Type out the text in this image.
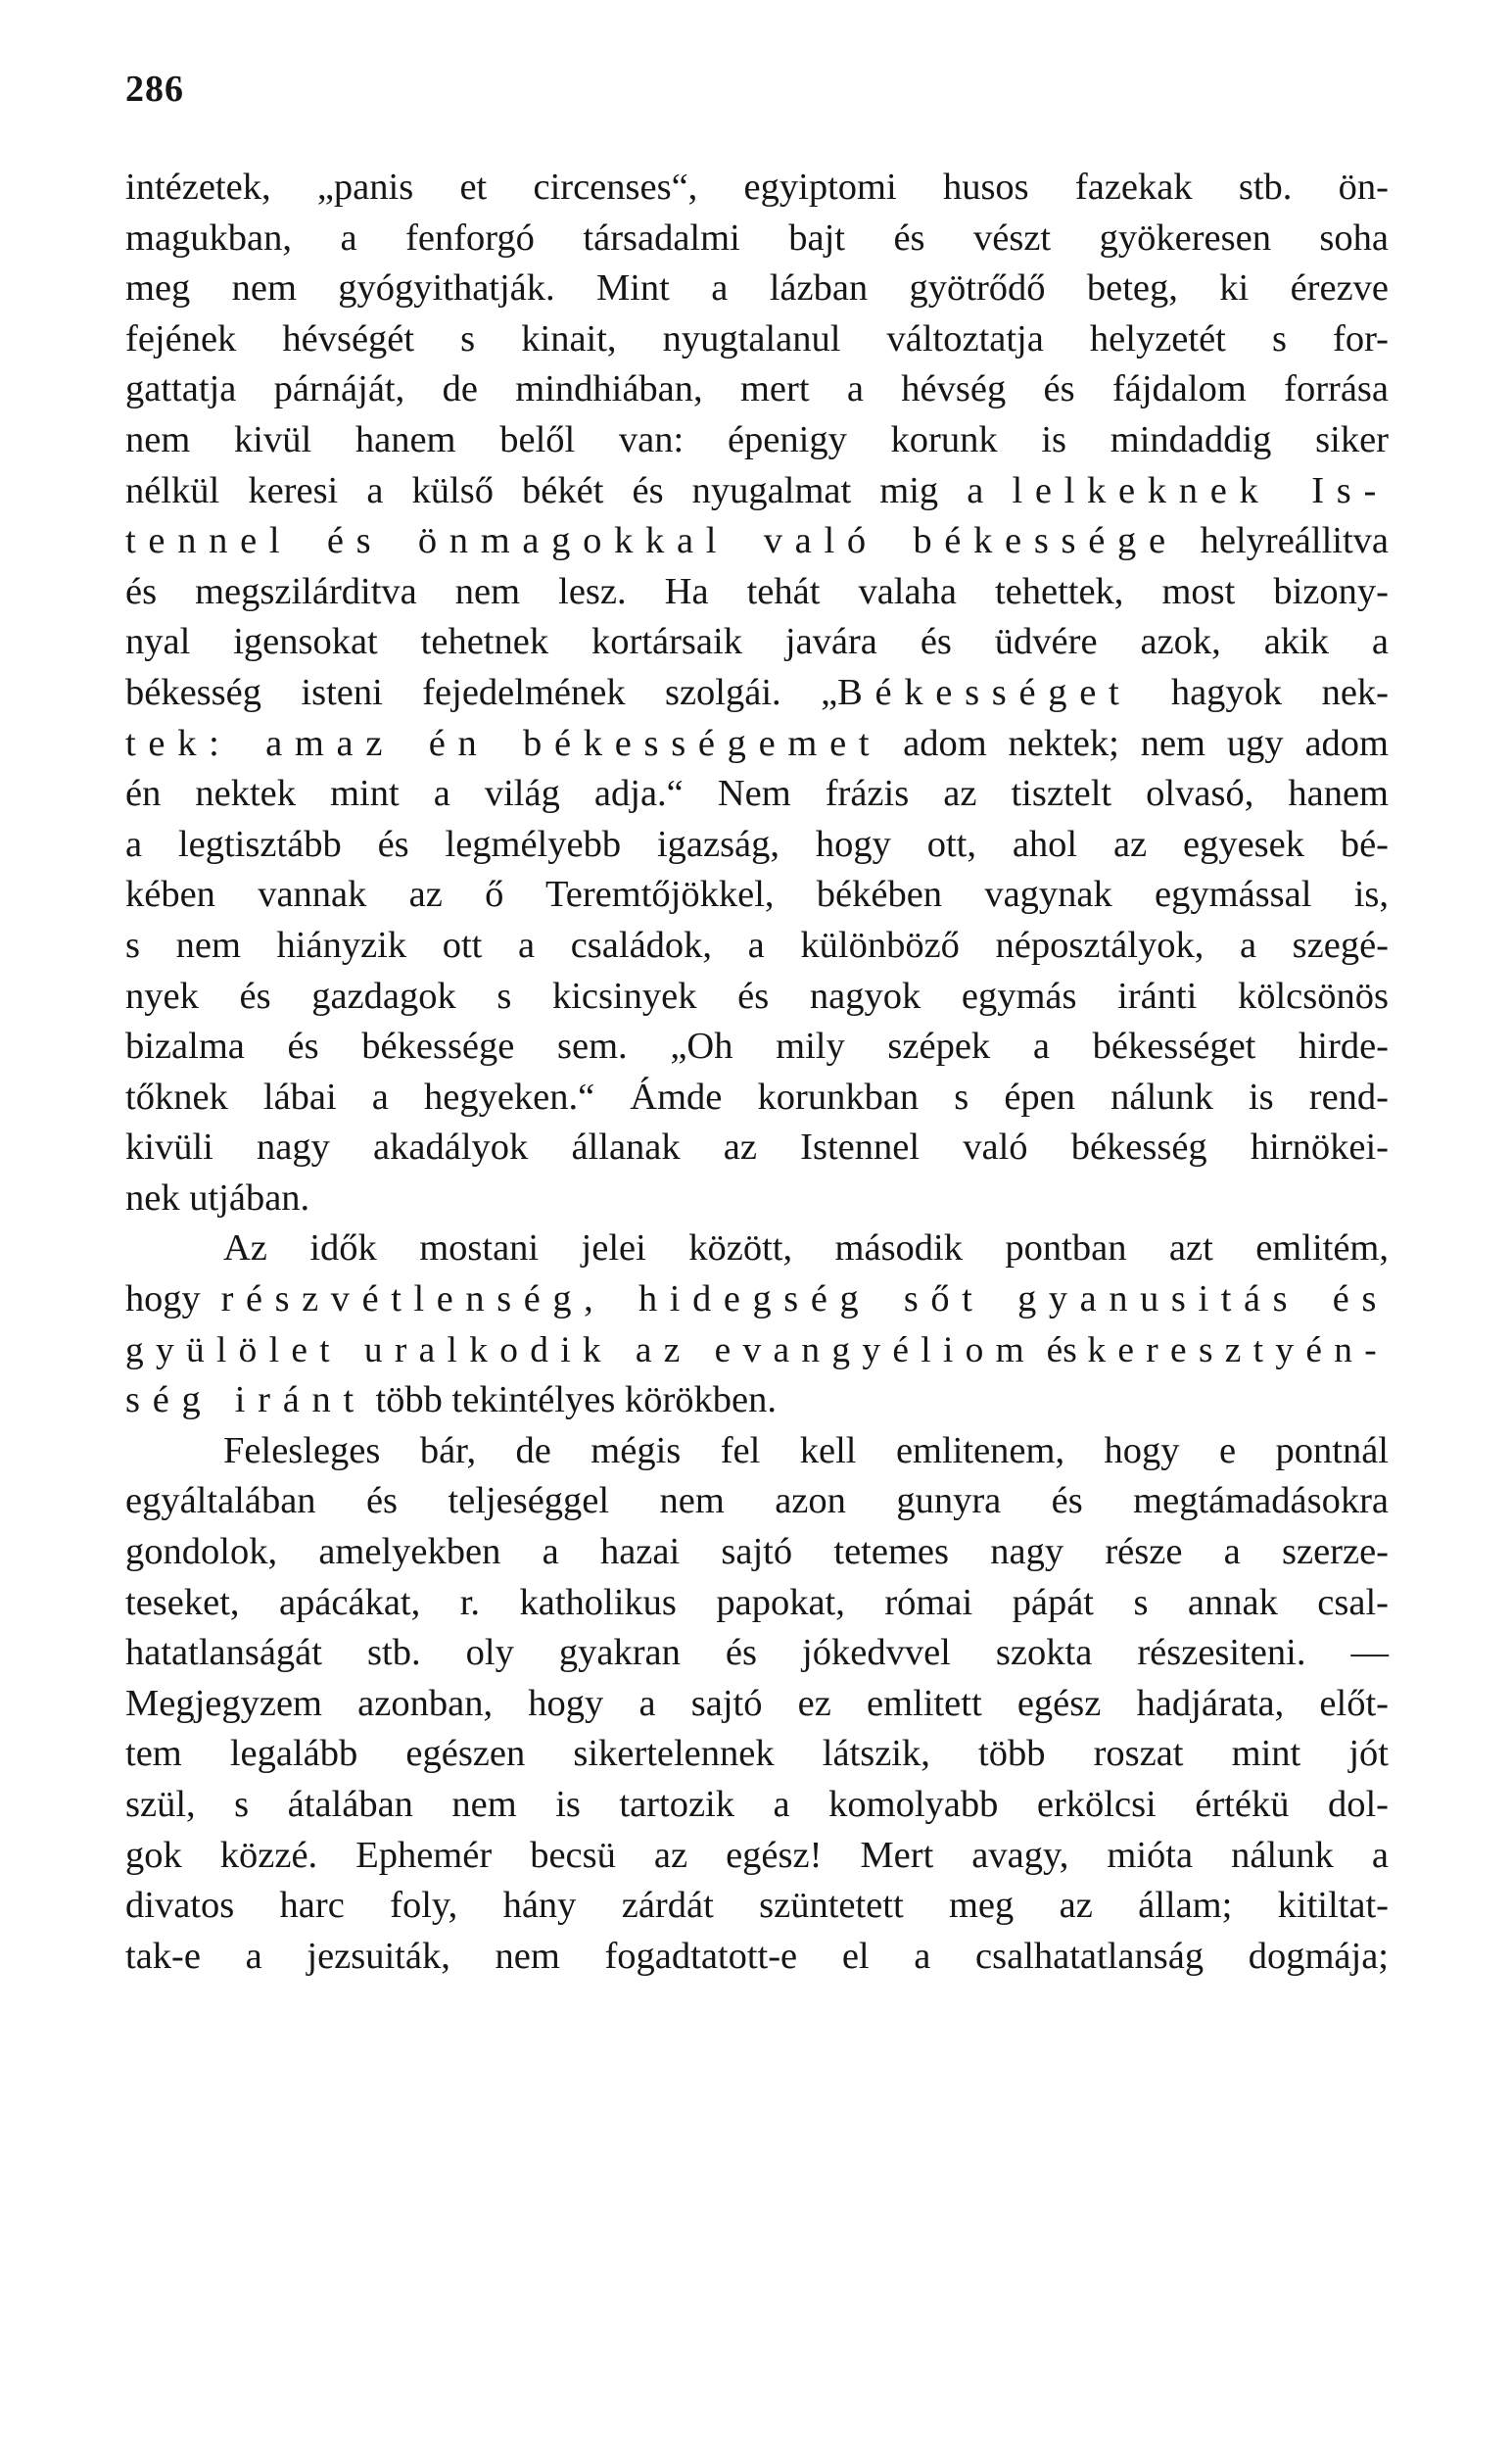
286
intézetek, „panis et circenses“, egyiptomi husos fazekak stb. ön-
magukban, a fenforgó társadalmi bajt és vészt gyökeresen soha
meg nem gyógyithatják. Mint a lázban gyötrődő beteg, ki érezve
fejének hévségét s kinait, nyugtalanul változtatja helyzetét s for-
gattatja párnáját, de mindhiában, mert a hévség és fájdalom forrása
nem kivül hanem belől van: épenigy korunk is mindaddig siker
nélkül keresi a külső békét és nyugalmat mig a lelkeknek Is-
tennel és önmagokkal való békessége helyreállitva
és megszilárditva nem lesz. Ha tehát valaha tehettek, most bizony-
nyal igensokat tehetnek kortársaik javára és üdvére azok, akik a
békesség isteni fejedelmének szolgái. „Békességet hagyok nek-
tek: amaz én békességemet adom nektek; nem ugy adom
én nektek mint a világ adja.“ Nem frázis az tisztelt olvasó, hanem
a legtisztább és legmélyebb igazság, hogy ott, ahol az egyesek bé-
kében vannak az ő Teremtőjökkel, békében vagynak egymással is,
s nem hiányzik ott a családok, a különböző néposztályok, a szegé-
nyek és gazdagok s kicsinyek és nagyok egymás iránti kölcsönös
bizalma és békessége sem. „Oh mily szépek a békességet hirde-
tőknek lábai a hegyeken.“ Ámde korunkban s épen nálunk is rend-
kivüli nagy akadályok állanak az Istennel való békesség hirnökei-
nek utjában.
Az idők mostani jelei között, második pontban azt emlitém,
hogy részvétlenség, hidegség sőt gyanusitás és
gyülölet uralkodik az evangyéliom és keresztyén-
ség iránt több tekintélyes körökben.
Felesleges bár, de mégis fel kell emlitenem, hogy e pontnál
egyáltalában és teljeséggel nem azon gunyra és megtámadásokra
gondolok, amelyekben a hazai sajtó tetemes nagy része a szerze-
teseket, apácákat, r. katholikus papokat, római pápát s annak csal-
hatatlanságát stb. oly gyakran és jókedvvel szokta részesiteni. —
Megjegyzem azonban, hogy a sajtó ez emlitett egész hadjárata, előt-
tem legalább egészen sikertelennek látszik, több roszat mint jót
szül, s átalában nem is tartozik a komolyabb erkölcsi értékü dol-
gok közzé. Ephemér becsü az egész! Mert avagy, mióta nálunk a
divatos harc foly, hány zárdát szüntetett meg az állam; kitiltat-
tak-e a jezsuiták, nem fogadtatott-e el a csalhatatlanság dogmája;
